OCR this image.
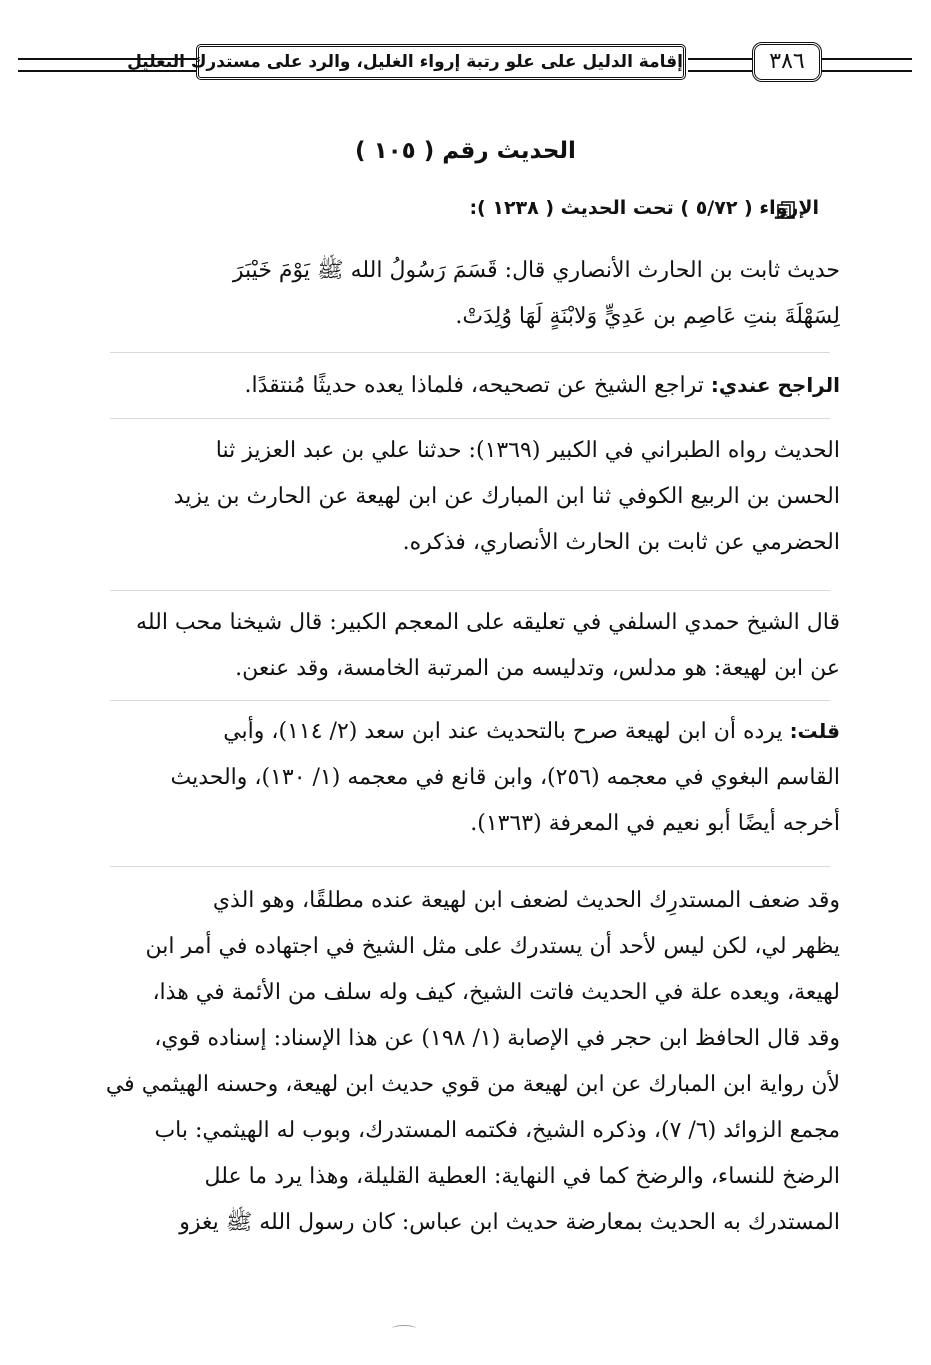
إقامة الدليل على علو رتبة إرواء الغليل، والرد على مستدرك التعليل	٣٨٦
الحديث رقم ( ١٠٥ )
الإرواء ( ٥/٧٢ ) تحت الحديث ( ١٢٣٨ ):
حديث ثابت بن الحارث الأنصاري قال: قَسَمَ رَسُولُ الله ﷺ يَوْمَ خَيْبَرَ
لِسَهْلَةَ بنتِ عَاصِم بن عَدِيٍّ وَلابْنَةٍ لَهَا وُلِدَتْ.
الراجح عندي: تراجع الشيخ عن تصحيحه، فلماذا يعده حديثًا مُنتقدًا.
الحديث رواه الطبراني في الكبير (١٣٦٩): حدثنا علي بن عبد العزيز ثنا
الحسن بن الربيع الكوفي ثنا ابن المبارك عن ابن لهيعة عن الحارث بن يزيد
الحضرمي عن ثابت بن الحارث الأنصاري، فذكره.
قال الشيخ حمدي السلفي في تعليقه على المعجم الكبير: قال شيخنا محب الله
عن ابن لهيعة: هو مدلس، وتدليسه من المرتبة الخامسة، وقد عنعن.
قلت: يرده أن ابن لهيعة صرح بالتحديث عند ابن سعد (٢/ ١١٤)، وأبي
القاسم البغوي في معجمه (٢٥٦)، وابن قانع في معجمه (١/ ١٣٠)، والحديث
أخرجه أيضًا أبو نعيم في المعرفة (١٣٦٣).
وقد ضعف المستدرِك الحديث لضعف ابن لهيعة عنده مطلقًا، وهو الذي
يظهر لي، لكن ليس لأحد أن يستدرك على مثل الشيخ في اجتهاده في أمر ابن
لهيعة، ويعده علة في الحديث فاتت الشيخ، كيف وله سلف من الأئمة في هذا،
وقد قال الحافظ ابن حجر في الإصابة (١/ ١٩٨) عن هذا الإسناد: إسناده قوي،
لأن رواية ابن المبارك عن ابن لهيعة من قوي حديث ابن لهيعة، وحسنه الهيثمي في
مجمع الزوائد (٦/ ٧)، وذكره الشيخ، فكتمه المستدرك، وبوب له الهيثمي: باب
الرضخ للنساء، والرضخ كما في النهاية: العطية القليلة، وهذا يرد ما علل
المستدرك به الحديث بمعارضة حديث ابن عباس: كان رسول الله ﷺ يغزو
